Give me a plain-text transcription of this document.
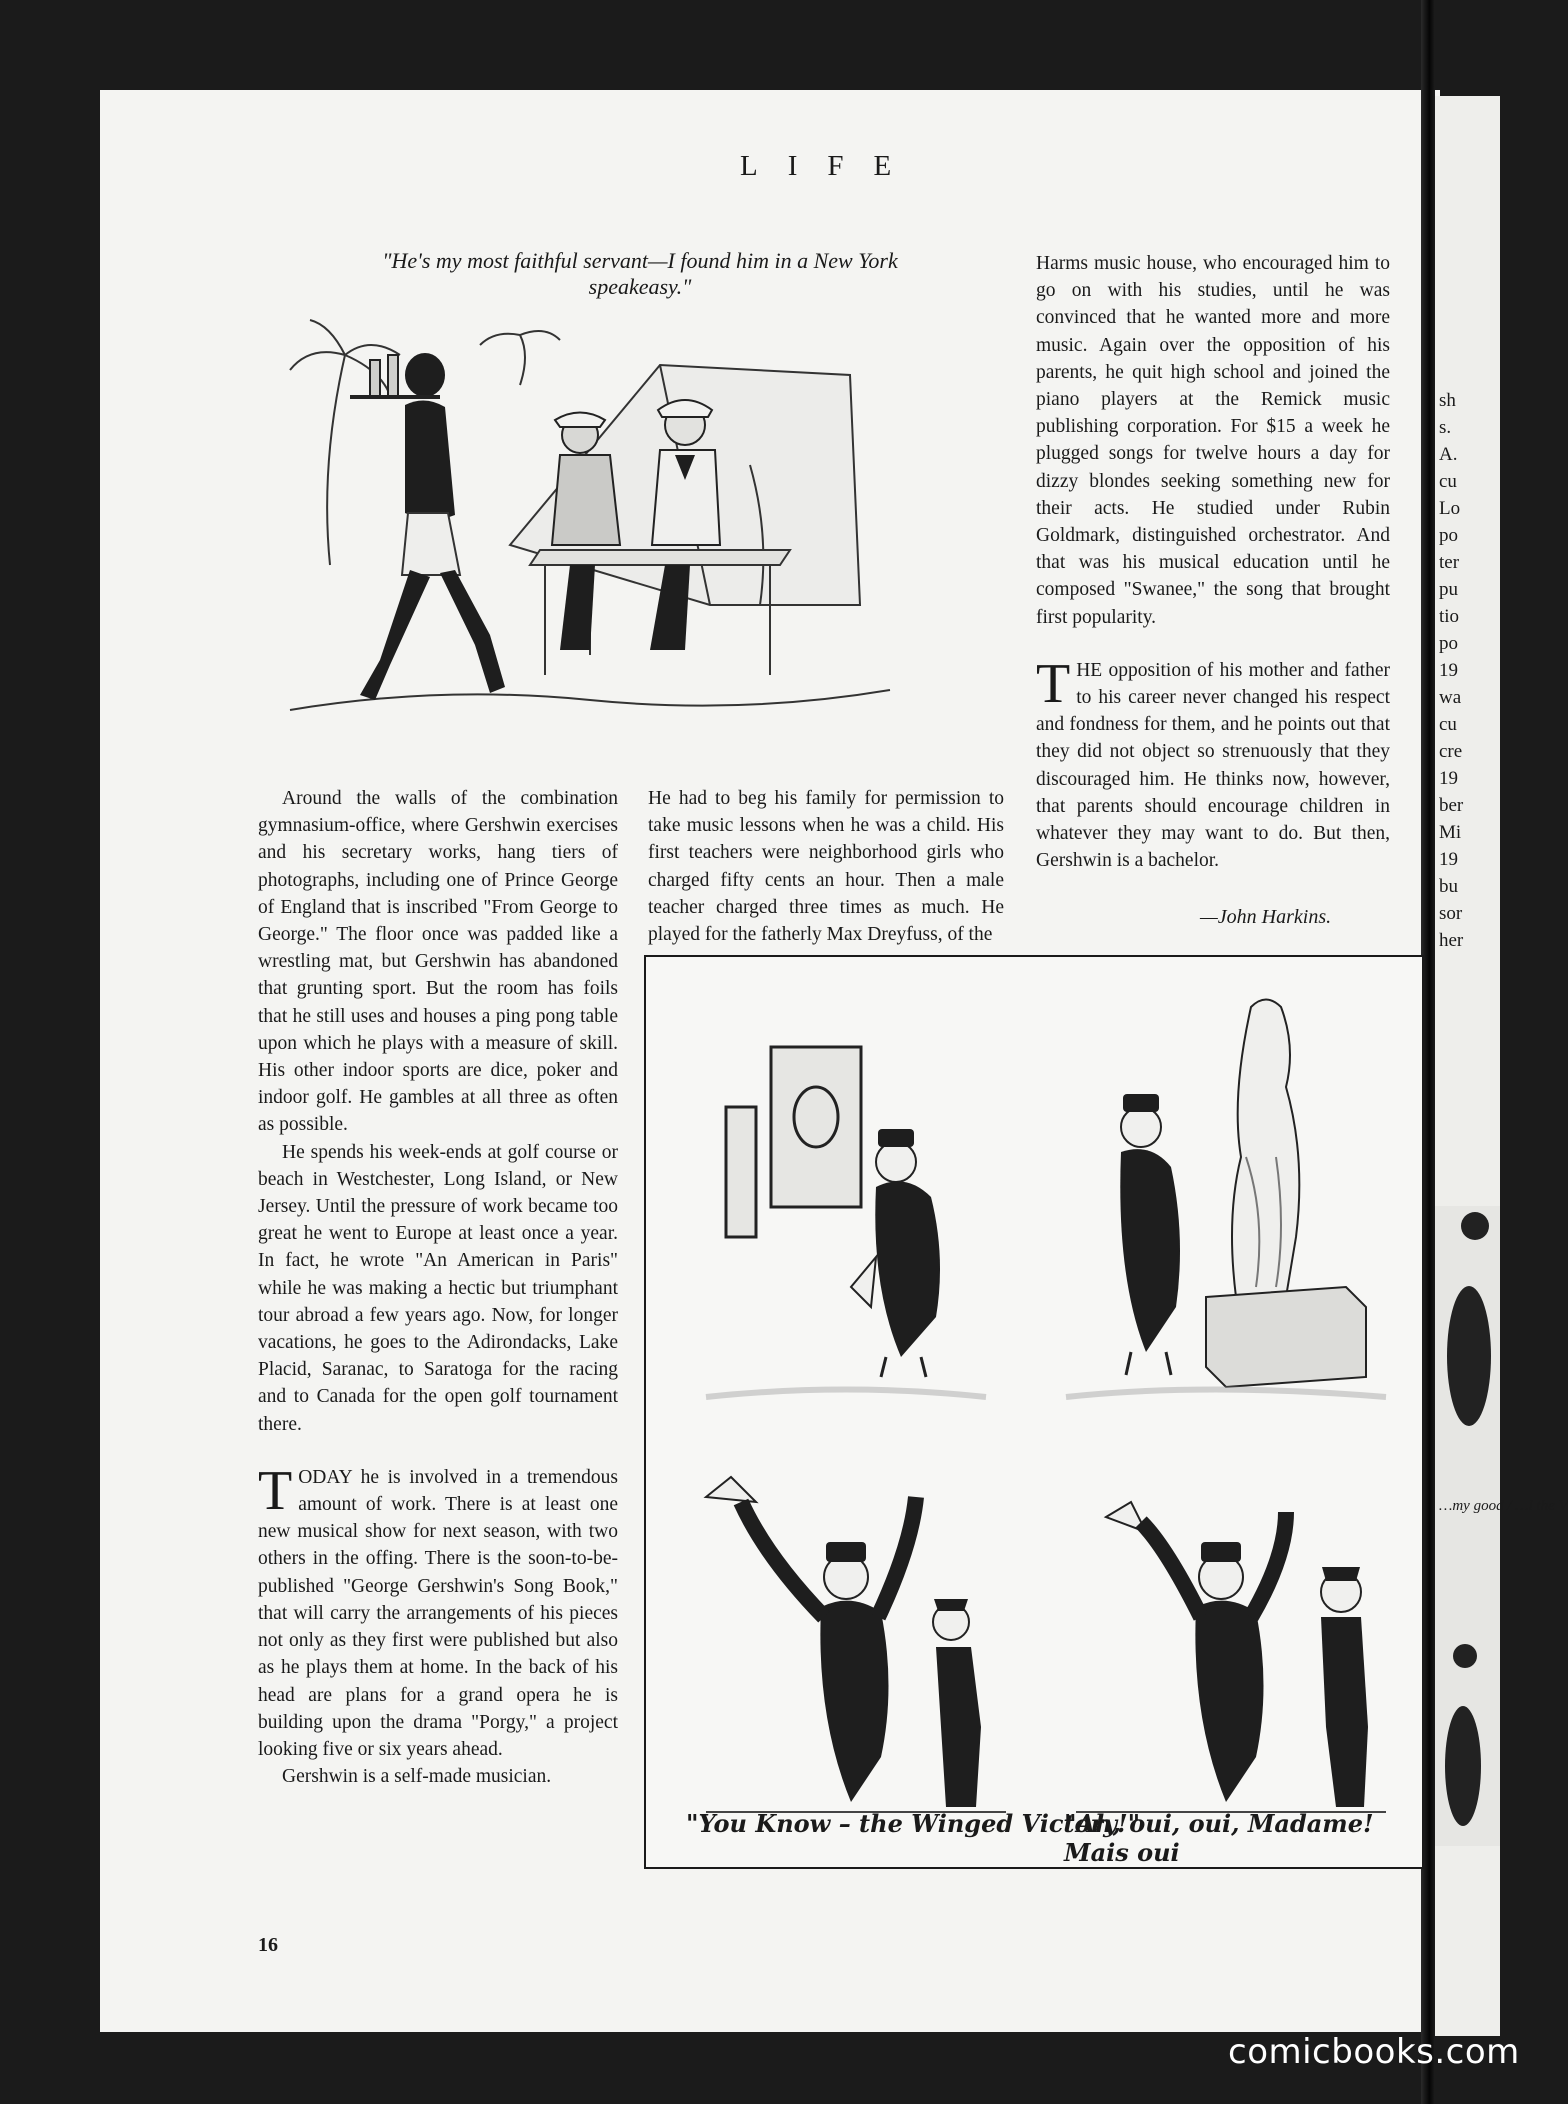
sh
s.
A.
cu
Lo
po
ter
pu
tio
po
19
wa
cu
cre
19
ber
Mi
19
bu
sor
her
…my good / …l the V
LIFE
"He's my most faithful servant—I found him in a New York speakeasy."

Around the walls of the combination gymnasium-office, where Gershwin exercises and his secretary works, hang tiers of photographs, including one of Prince George of England that is inscribed "From George to George." The floor once was padded like a wrestling mat, but Gershwin has abandoned that grunting sport. But the room has foils that he still uses and houses a ping pong table upon which he plays with a measure of skill. His other indoor sports are dice, poker and indoor golf. He gambles at all three as often as possible.

He spends his week-ends at golf course or beach in Westchester, Long Island, or New Jersey. Until the pressure of work became too great he went to Europe at least once a year. In fact, he wrote "An American in Paris" while he was making a hectic but triumphant tour abroad a few years ago. Now, for longer vacations, he goes to the Adirondacks, Lake Placid, Saranac, to Saratoga for the racing and to Canada for the open golf tournament there.

TODAY he is involved in a tremendous amount of work. There is at least one new musical show for next season, with two others in the offing. There is the soon-to-be-published "George Gershwin's Song Book," that will carry the arrangements of his pieces not only as they first were published but also as he plays them at home. In the back of his head are plans for a grand opera he is building upon the drama "Porgy," a project looking five or six years ahead.

Gershwin is a self-made musician.

He had to beg his family for permission to take music lessons when he was a child. His first teachers were neighborhood girls who charged fifty cents an hour. Then a male teacher charged three times as much. He played for the fatherly Max Dreyfuss, of the

Harms music house, who encouraged him to go on with his studies, until he was convinced that he wanted more and more music. Again over the opposition of his parents, he quit high school and joined the piano players at the Remick music publishing corporation. For $15 a week he plugged songs for twelve hours a day for dizzy blondes seeking something new for their acts. He studied under Rubin Goldmark, distinguished orchestrator. And that was his musical education until he composed "Swanee," the song that brought first popularity.

THE opposition of his mother and father to his career never changed his respect and fondness for them, and he points out that they did not object so strenuously that they discouraged him. He thinks now, however, that parents should encourage children in whatever they may want to do. But then, Gershwin is a bachelor.

—John Harkins.
"You Know – the Winged Victory!"
"Ah, oui, oui, Madame! Mais oui
16
comicbooks.com
